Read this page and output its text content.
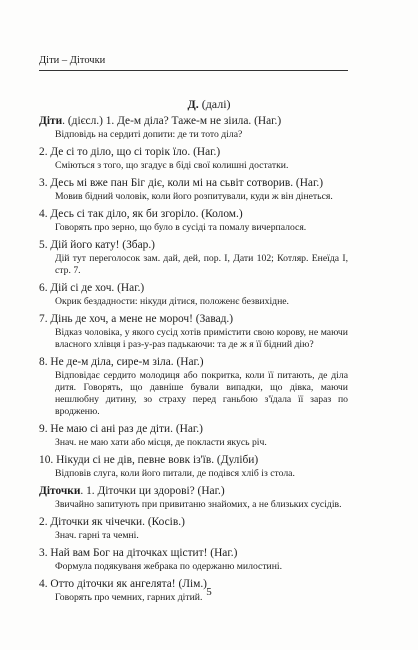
Діти – Діточки
Д. (далі)

Діти. (дієсл.) 1. Де-м діла? Таже-м не зіила. (Наг.)

Відповідь на сердиті допити: де ти тото діла?

2. Де сі то діло, що сі торік їло. (Наг.)

Сміються з того, що згадує в біді свої колишні достатки.

3. Десь мі вже пан Біг діє, коли мі на сьвіт сотворив. (Наг.)

Мовив бідний чоловік, коли його розпитували, куди ж він дінеться.

4. Десь сі так діло, як би згоріло. (Колом.)

Говорять про зерно, що було в сусіді та помалу вичерпалося.

5. Дій його кату! (Збар.)

Дій тут переголосок зам. дай, дей, пор. I, Дати 102; Котляр. Енеїда I, стр. 7.

6. Дій сі де хоч. (Наг.)

Окрик бездадности: нікуди дітися, положенє безвихідне.

7. Дінь де хоч, а мене не мороч! (Завад.)

Відказ чоловіка, у якого сусід хотів примістити свою корову, не маючи власного хлівця і раз-у-раз падькаючи: та де ж я її бідний дію?

8. Не де-м діла, сире-м зіла. (Наг.)

Відповідає сердито молодиця або покритка, коли її питають, де діла дитя. Говорять, що давніше бували випадки, що дівка, маючи нешлюбну дитину, зо страху перед ганьбою з'їдала її зараз по вродженю.

9. Не маю сі ані раз де діти. (Наг.)

Знач. не маю хати або місця, де покласти якусь річ.

10. Нікуди сі не дів, певне вовк із'їв. (Дуліби)

Відповів слуга, коли його питали, де подівся хліб із стола.

Діточки. 1. Діточки ци здорові? (Наг.)

Звичайно запитують при привитаню знайомих, а не близьких сусідів.

2. Діточки як чічечки. (Косів.)

Знач. гарні та чемні.

3. Най вам Бог на діточках щістит! (Наг.)

Формула подякуваня жебрака по одержаню милостині.

4. Отто діточки як ангелята! (Лім.)

Говорять про чемних, гарних дітий. 5
